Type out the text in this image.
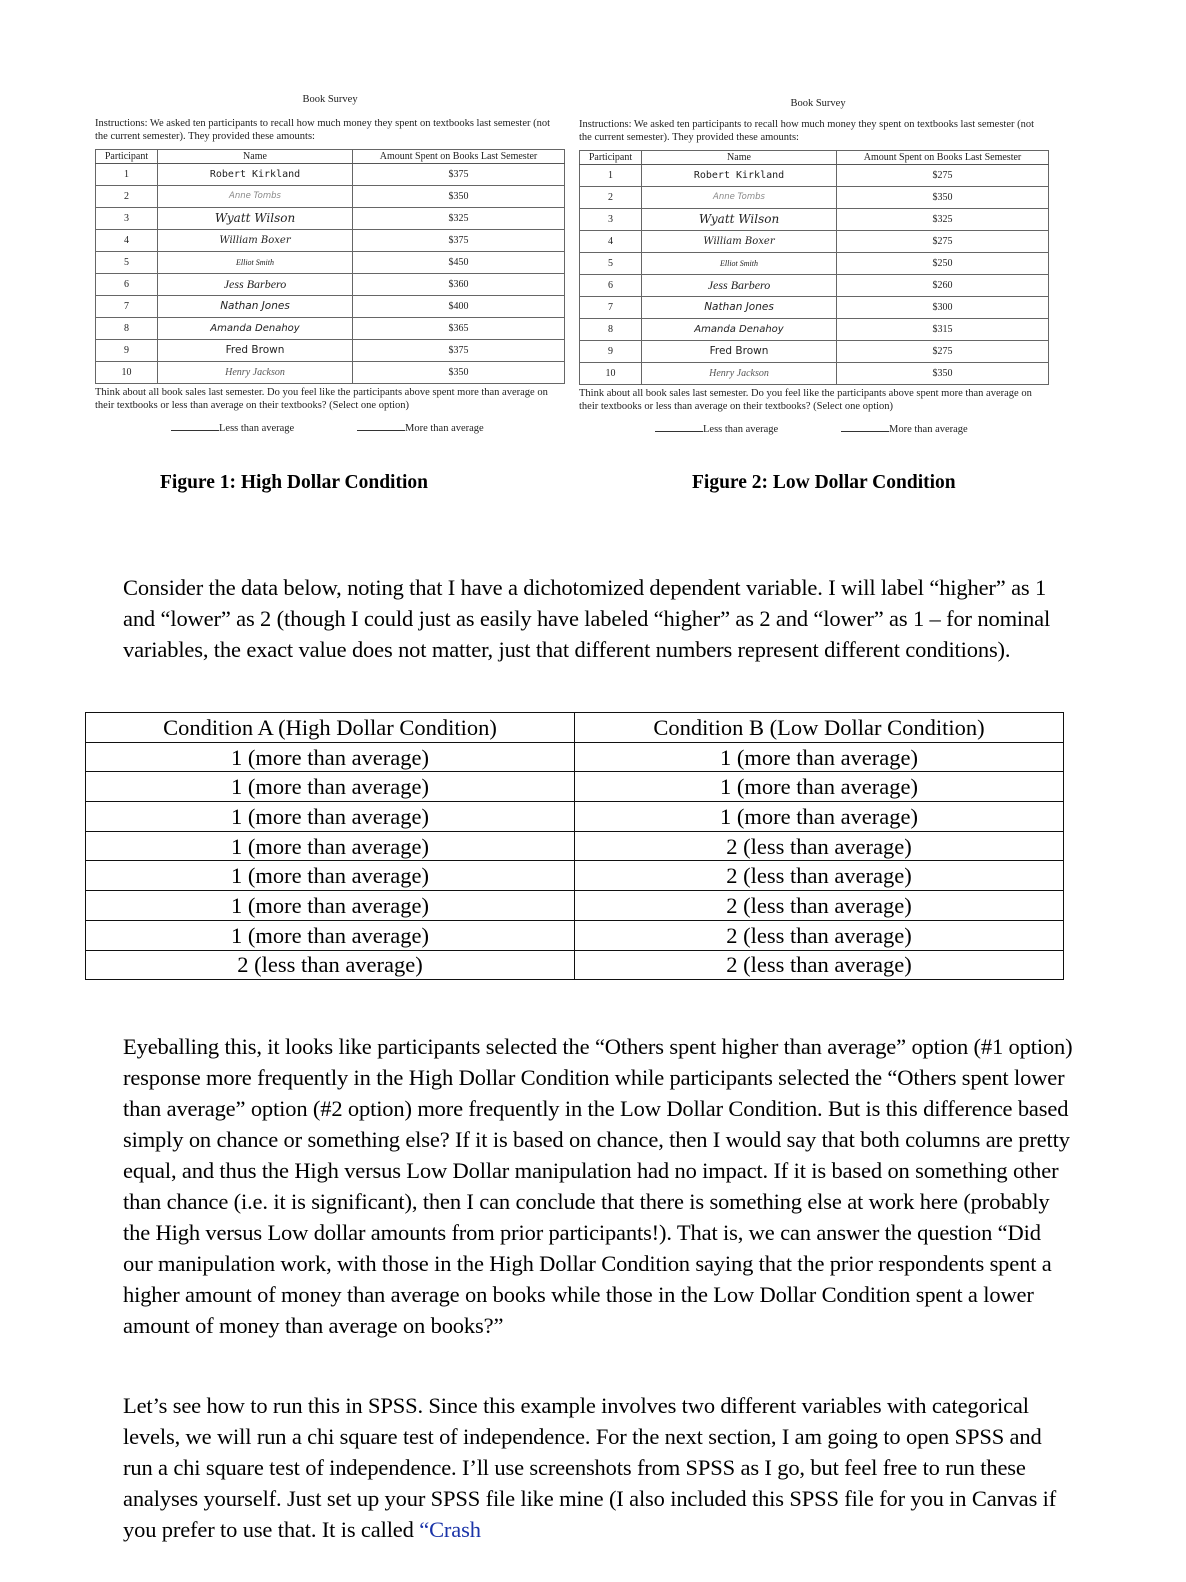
Book Survey
Instructions: We asked ten participants to recall how much money they spent on textbooks last semester (not the current semester). They provided these amounts:
Participant	Name	Amount Spent on Books Last Semester
1	Robert Kirkland	$375
2	Anne Tombs	$350
3	Wyatt Wilson	$325
4	William Boxer	$375
5	Elliot Smith	$450
6	Jess Barbero	$360
7	Nathan Jones	$400
8	Amanda Denahoy	$365
9	Fred Brown	$375
10	Henry Jackson	$350
Think about all book sales last semester. Do you feel like the participants above spent more than average on their textbooks or less than average on their textbooks? (Select one option)
Less than average	More than average
Book Survey
Instructions: We asked ten participants to recall how much money they spent on textbooks last semester (not the current semester). They provided these amounts:
Participant	Name	Amount Spent on Books Last Semester
1	Robert Kirkland	$275
2	Anne Tombs	$350
3	Wyatt Wilson	$325
4	William Boxer	$275
5	Elliot Smith	$250
6	Jess Barbero	$260
7	Nathan Jones	$300
8	Amanda Denahoy	$315
9	Fred Brown	$275
10	Henry Jackson	$350
Think about all book sales last semester. Do you feel like the participants above spent more than average on their textbooks or less than average on their textbooks? (Select one option)
Less than average	More than average
Figure 1: High Dollar Condition	Figure 2: Low Dollar Condition

Consider the data below, noting that I have a dichotomized dependent variable. I will label “higher” as 1 and “lower” as 2 (though I could just as easily have labeled “higher” as 2 and “lower” as 1 – for nominal variables, the exact value does not matter, just that different numbers represent different conditions).

Condition A (High Dollar Condition)	Condition B (Low Dollar Condition)
1 (more than average)	1 (more than average)
1 (more than average)	1 (more than average)
1 (more than average)	1 (more than average)
1 (more than average)	2 (less than average)
1 (more than average)	2 (less than average)
1 (more than average)	2 (less than average)
1 (more than average)	2 (less than average)
2 (less than average)	2 (less than average)

Eyeballing this, it looks like participants selected the “Others spent higher than average” option (#1 option) response more frequently in the High Dollar Condition while participants selected the “Others spent lower than average” option (#2 option) more frequently in the Low Dollar Condition. But is this difference based simply on chance or something else? If it is based on chance, then I would say that both columns are pretty equal, and thus the High versus Low Dollar manipulation had no impact. If it is based on something other than chance (i.e. it is significant), then I can conclude that there is something else at work here (probably the High versus Low dollar amounts from prior participants!). That is, we can answer the question “Did our manipulation work, with those in the High Dollar Condition saying that the prior respondents spent a higher amount of money than average on books while those in the Low Dollar Condition spent a lower amount of money than average on books?”

Let’s see how to run this in SPSS. Since this example involves two different variables with categorical levels, we will run a chi square test of independence. For the next section, I am going to open SPSS and run a chi square test of independence. I’ll use screenshots from SPSS as I go, but feel free to run these analyses yourself. Just set up your SPSS file like mine (I also included this SPSS file for you in Canvas if you prefer to use that. It is called “Crash
